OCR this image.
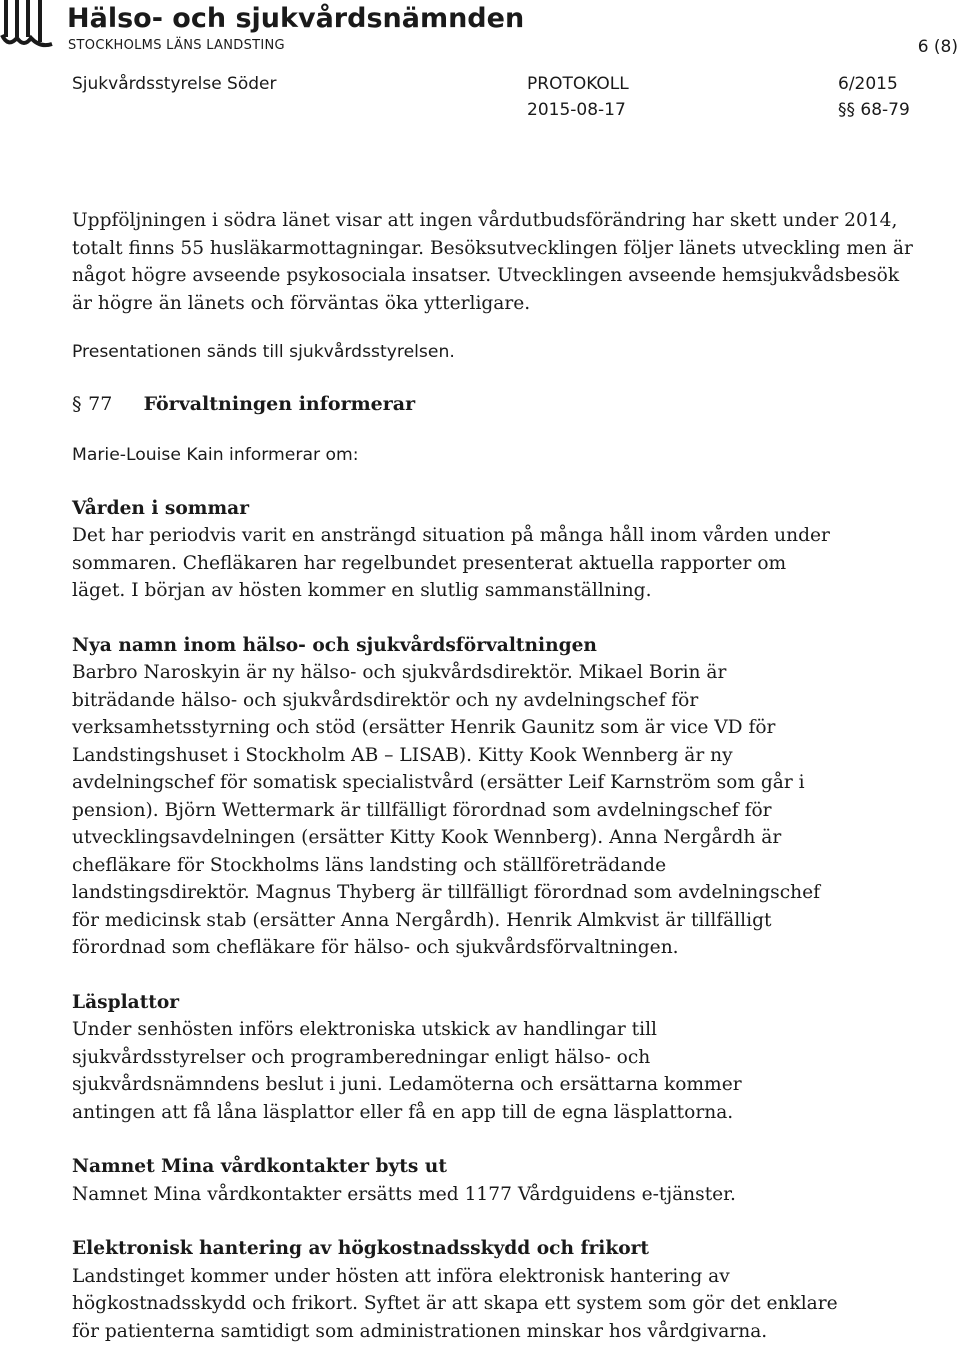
Hälso- och sjukvårdsnämnden
STOCKHOLMS LÄNS LANDSTING	6 (8)
Sjukvårdsstyrelse Söder	PROTOKOLL
2015-08-17
6/2015
§§ 68-79

Uppföljningen i södra länet visar att ingen vårdutbudsförändring har skett under 2014,
totalt finns 55 husläkarmottagningar. Besöksutvecklingen följer länets utveckling men är
något högre avseende psykosociala insatser. Utvecklingen avseende hemsjukvådsbesök
är högre än länets och förväntas öka ytterligare.

Presentationen sänds till sjukvårdsstyrelsen.

§ 77 Förvaltningen informerar

Marie-Louise Kain informerar om:

Vården i sommar

Det har periodvis varit en ansträngd situation på många håll inom vården under
sommaren. Chefläkaren har regelbundet presenterat aktuella rapporter om
läget. I början av hösten kommer en slutlig sammanställning.

Nya namn inom hälso- och sjukvårdsförvaltningen

Barbro Naroskyin är ny hälso- och sjukvårdsdirektör. Mikael Borin är
biträdande hälso- och sjukvårdsdirektör och ny avdelningschef för
verksamhetsstyrning och stöd (ersätter Henrik Gaunitz som är vice VD för
Landstingshuset i Stockholm AB – LISAB). Kitty Kook Wennberg är ny
avdelningschef för somatisk specialistvård (ersätter Leif Karnström som går i
pension). Björn Wettermark är tillfälligt förordnad som avdelningschef för
utvecklingsavdelningen (ersätter Kitty Kook Wennberg). Anna Nergårdh är
chefläkare för Stockholms läns landsting och ställföreträdande
landstingsdirektör. Magnus Thyberg är tillfälligt förordnad som avdelningschef
för medicinsk stab (ersätter Anna Nergårdh). Henrik Almkvist är tillfälligt
förordnad som chefläkare för hälso- och sjukvårdsförvaltningen.

Läsplattor

Under senhösten införs elektroniska utskick av handlingar till
sjukvårdsstyrelser och programberedningar enligt hälso- och
sjukvårdsnämndens beslut i juni. Ledamöterna och ersättarna kommer
antingen att få låna läsplattor eller få en app till de egna läsplattorna.

Namnet Mina vårdkontakter byts ut

Namnet Mina vårdkontakter ersätts med 1177 Vårdguidens e-tjänster.

Elektronisk hantering av högkostnadsskydd och frikort

Landstinget kommer under hösten att införa elektronisk hantering av
högkostnadsskydd och frikort. Syftet är att skapa ett system som gör det enklare
för patienterna samtidigt som administrationen minskar hos vårdgivarna.
